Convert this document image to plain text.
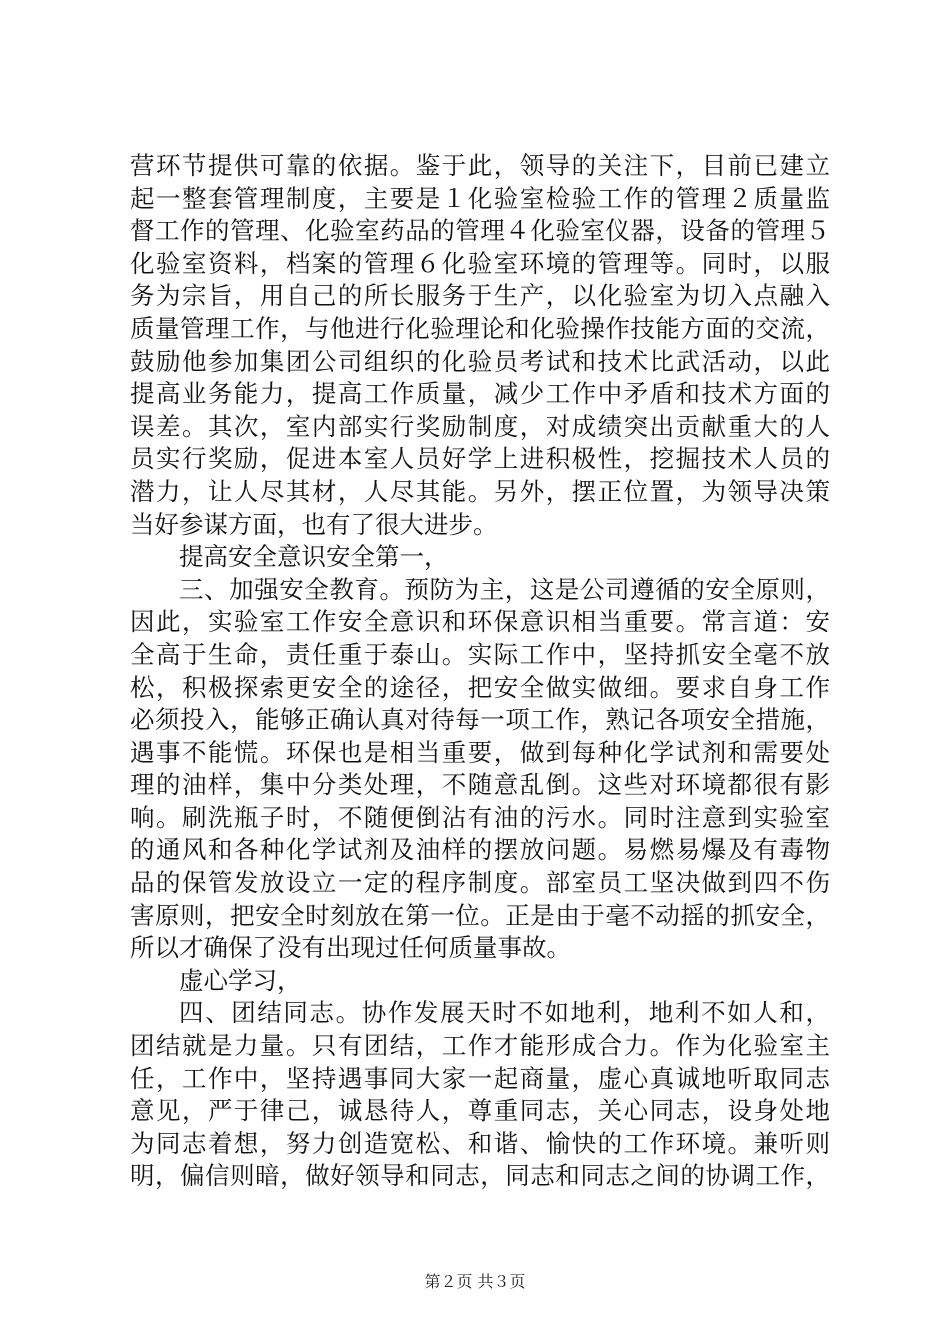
营环节提供可靠的依据。鉴于此，领导的关注下，目前已建立
起一整套管理制度，主要是１化验室检验工作的管理２质量监
督工作的管理、化验室药品的管理４化验室仪器，设备的管理５
化验室资料，档案的管理６化验室环境的管理等。同时，以服
务为宗旨，用自己的所长服务于生产，以化验室为切入点融入
质量管理工作，与他进行化验理论和化验操作技能方面的交流，
鼓励他参加集团公司组织的化验员考试和技术比武活动，以此
提高业务能力，提高工作质量，减少工作中矛盾和技术方面的
误差。其次，室内部实行奖励制度，对成绩突出贡献重大的人
员实行奖励，促进本室人员好学上进积极性，挖掘技术人员的
潜力，让人尽其材，人尽其能。另外，摆正位置，为领导决策
当好参谋方面，也有了很大进步。
提高安全意识安全第一，
三、加强安全教育。预防为主，这是公司遵循的安全原则，
因此，实验室工作安全意识和环保意识相当重要。常言道：安
全高于生命，责任重于泰山。实际工作中，坚持抓安全毫不放
松，积极探索更安全的途径，把安全做实做细。要求自身工作
必须投入，能够正确认真对待每一项工作，熟记各项安全措施，
遇事不能慌。环保也是相当重要，做到每种化学试剂和需要处
理的油样，集中分类处理，不随意乱倒。这些对环境都很有影
响。刷洗瓶子时，不随便倒沾有油的污水。同时注意到实验室
的通风和各种化学试剂及油样的摆放问题。易燃易爆及有毒物
品的保管发放设立一定的程序制度。部室员工坚决做到四不伤
害原则，把安全时刻放在第一位。正是由于毫不动摇的抓安全，
所以才确保了没有出现过任何质量事故。
虚心学习，
四、团结同志。协作发展天时不如地利，地利不如人和，
团结就是力量。只有团结，工作才能形成合力。作为化验室主
任，工作中，坚持遇事同大家一起商量，虚心真诚地听取同志
意见，严于律己，诚恳待人，尊重同志，关心同志，设身处地
为同志着想，努力创造宽松、和谐、愉快的工作环境。兼听则
明，偏信则暗，做好领导和同志，同志和同志之间的协调工作，
第２页 共３页
